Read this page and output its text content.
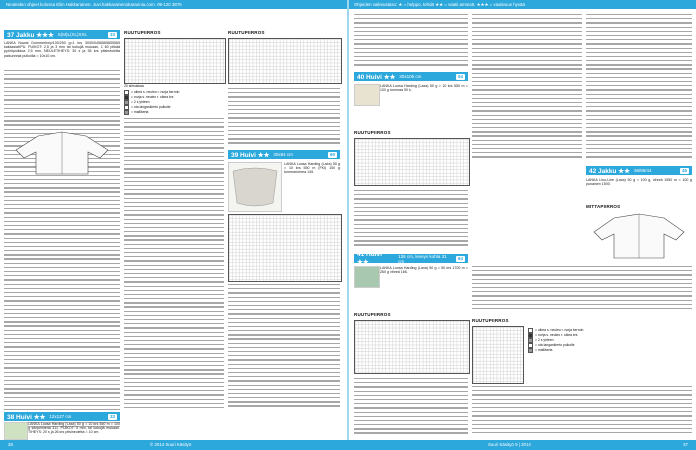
Neuleiden ohjeet kolossa Eliin Hakkarainen. Juvi.hakkarainenokarannia.com. 09-120 3876	Ohjeiden vaikeustaso: ★ = helppo, tehdä ★★ = vaatii ammatt. ★★★ = vaativuus hyvää
36	© 2014 Suuri Käsityö	Suuri Käsityö 9 | 2014	37
37 Jakku ★★★ S(M)L(XL)XXL	33
LANKA Nowal Gummerholy/100/250 g=1 krs 3000/0456565655565 kakkasiaKPU. PUIKOT: 2,5 ja 3 mm tai kokojiä mukaan, 1 60 pitkää pyöröpuikkoa 2,5 mm. NEULETIHEYS: 30 s ja 36 krs pitsineuletta palsunnnia puikoilla = 10x10 cm.
38 Huivi ★★ 12x127 cm	33
LANKA Luosa Harding (Laxa) 50 g = 10 krs 550 m = 100 g sitnpeinteita 311. PUIKOT: 5 mm, tai kokojiä mukaan. TIHEYS: 20 s ja 26 krs pitsineuletta = 10 cm.
RUUTUPIIRROS
20 silmukkaa
= oikea s. neuleo r. nurja kerroin
= nurja s. neuleo r. oikea krs
= 2 s yhteen
= ota langankierto puikolle
= mallikerta
RUUTUPIIRROS
39 Huivi ★★ 30x84 cm	60
LANKA Luosa Harding (Laxa) 50 g = 10 krs 550 m (FKI) 100 g tummanohrea 149.
40 Huivi ★★ 30x106 cm	54
LANKA Luosa Harding (Laxa) 50 g = 10 krs 550 m = 100 g tummaa 50 k.
RUUTUPIIRROS
41 Huivi ★★
136 cm, leveys kohta 31 cm
64
LANKA Luosa Harding (Laxa) 50 g = 50 krs 1700 m = 260 g vihreä 166.
RUUTUPIIRROS
42 Jakku ★★ 36/85/44	45
LANKA Lino-Line (Laxa) 50 g = 100 g, vihreä 1550 m = 100 g punainen 1500.
MITTAPIIRROS
RUUTUPIIRROS
= oikea s. neuleo r. nurja kerroin
= nurja s. neuleo r. oikea krs
= 2 s yhteen
= ota langankierto puikolle
= mallikerta
